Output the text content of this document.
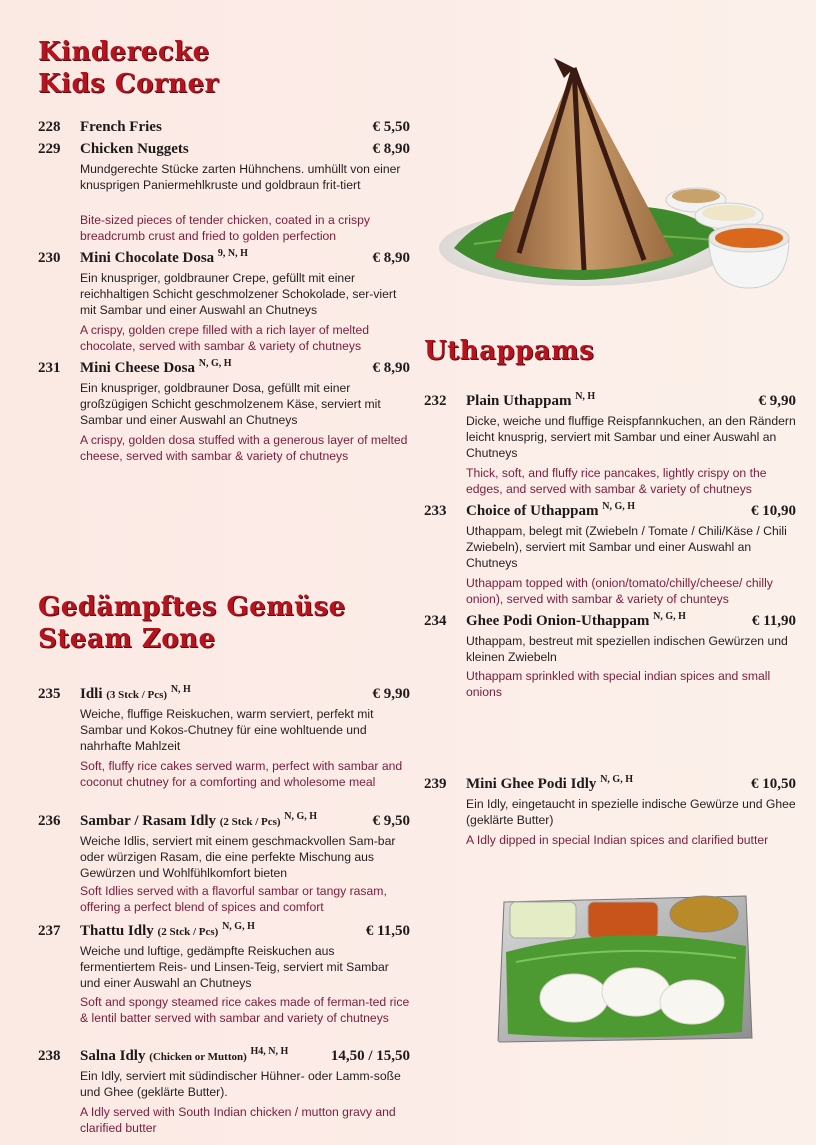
Kinderecke
Kids Corner
228 French Fries	€ 5,50
229 Chicken Nuggets	€ 8,90
Mundgerechte Stücke zarten Hühnchens. umhüllt von einer knusprigen Paniermehlkruste und goldbraun frit-tiert
Bite-sized pieces of tender chicken, coated in a crispy breadcrumb crust and fried to golden perfection
230 Mini Chocolate Dosa $^{9, N, H}$	€ 8,90
Ein knuspriger, goldbrauner Crepe, gefüllt mit einer reichhaltigen Schicht geschmolzener Schokolade, ser-viert mit Sambar und einer Auswahl an Chutneys
A crispy, golden crepe filled with a rich layer of melted chocolate, served with sambar & variety of chutneys
231 Mini Cheese Dosa $^{N, G, H}$	€ 8,90
Ein knuspriger, goldbrauner Dosa, gefüllt mit einer großzügigen Schicht geschmolzenem Käse, serviert mit Sambar und einer Auswahl an Chutneys
A crispy, golden dosa stuffed with a generous layer of melted cheese, served with sambar & variety of chutneys
Gedämpftes Gemüse
Steam Zone
235 Idli (3 Stck / Pcs) $^{N, H}$	€ 9,90
Weiche, fluffige Reiskuchen, warm serviert, perfekt mit Sambar und Kokos-Chutney für eine wohltuende und nahrhafte Mahlzeit
Soft, fluffy rice cakes served warm, perfect with sambar and coconut chutney for a comforting and wholesome meal
236 Sambar / Rasam Idly (2 Stck / Pcs) $^{N, G, H}$	€ 9,50
Weiche Idlis, serviert mit einem geschmackvollen Sam-bar oder würzigen Rasam, die eine perfekte Mischung aus Gewürzen und Wohlfühlkomfort bieten
Soft Idlies served with a flavorful sambar or tangy rasam, offering a perfect blend of spices and comfort
237 Thattu Idly (2 Stck / Pcs) $^{N, G, H}$	€ 11,50
Weiche und luftige, gedämpfte Reiskuchen aus fermentiertem Reis- und Linsen-Teig, serviert mit Sambar und einer Auswahl an Chutneys
Soft and spongy steamed rice cakes made of ferman-ted rice & lentil batter served with sambar and variety of chutneys
238 Salna Idly (Chicken or Mutton) $^{H4, N, H}$	14,50 / 15,50
Ein Idly, serviert mit südindischer Hühner- oder Lamm-soße und Ghee (geklärte Butter).
A Idly served with South Indian chicken / mutton gravy and clarified butter
Uthappams
232 Plain Uthappam $^{N, H}$	€ 9,90
Dicke, weiche und fluffige Reispfannkuchen, an den Rändern leicht knusprig, serviert mit Sambar und einer Auswahl an Chutneys
Thick, soft, and fluffy rice pancakes, lightly crispy on the edges, and served with sambar & variety of chutneys
233 Choice of Uthappam $^{N, G, H}$	€ 10,90
Uthappam, belegt mit (Zwiebeln / Tomate / Chili/Käse / Chili Zwiebeln), serviert mit Sambar und einer Auswahl an Chutneys
Uthappam topped with (onion/tomato/chilly/cheese/ chilly onion), served with sambar & variety of chunteys
234 Ghee Podi Onion-Uthappam $^{N, G, H}$	€ 11,90
Uthappam, bestreut mit speziellen indischen Gewürzen und kleinen Zwiebeln
Uthappam sprinkled with special indian spices and small onions
239 Mini Ghee Podi Idly $^{N, G, H}$	€ 10,50
Ein Idly, eingetaucht in spezielle indische Gewürze und Ghee (geklärte Butter)
A Idly dipped in special Indian spices and clarified butter
